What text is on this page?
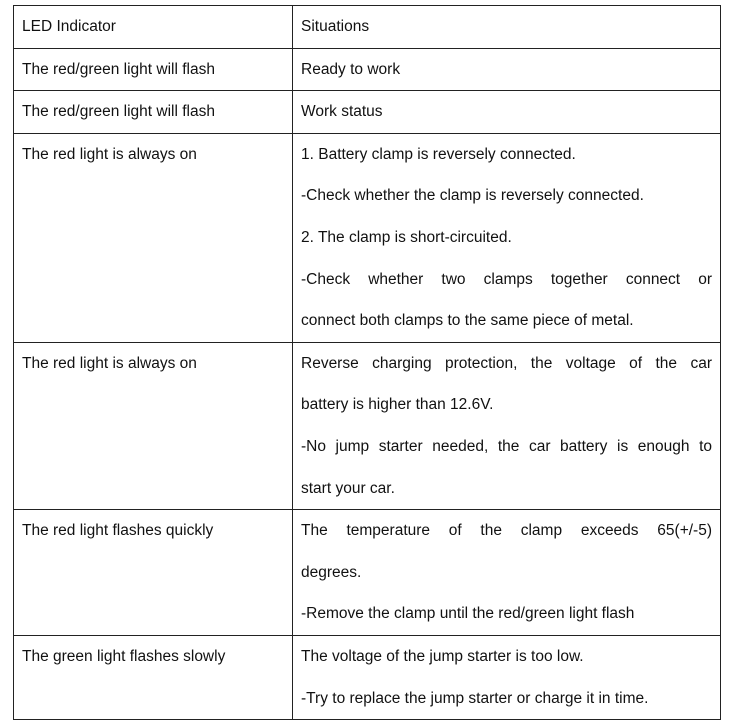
LED Indicator	Situations

The red/green light will flash	Ready to work

The red/green light will flash	Work status

The red light is always on	1. Battery clamp is reversely connected.
-Check whether the clamp is reversely connected.
2. The clamp is short-circuited.
-Check whether two clamps together connect or
connect both clamps to the same piece of metal.

The red light is always on	Reverse charging protection, the voltage of the car
battery is higher than 12.6V.
-No jump starter needed, the car battery is enough to
start your car.

The red light flashes quickly	The temperature of the clamp exceeds 65(+/-5)
degrees.
-Remove the clamp until the red/green light flash

The green light flashes slowly	The voltage of the jump starter is too low.
-Try to replace the jump starter or charge it in time.
